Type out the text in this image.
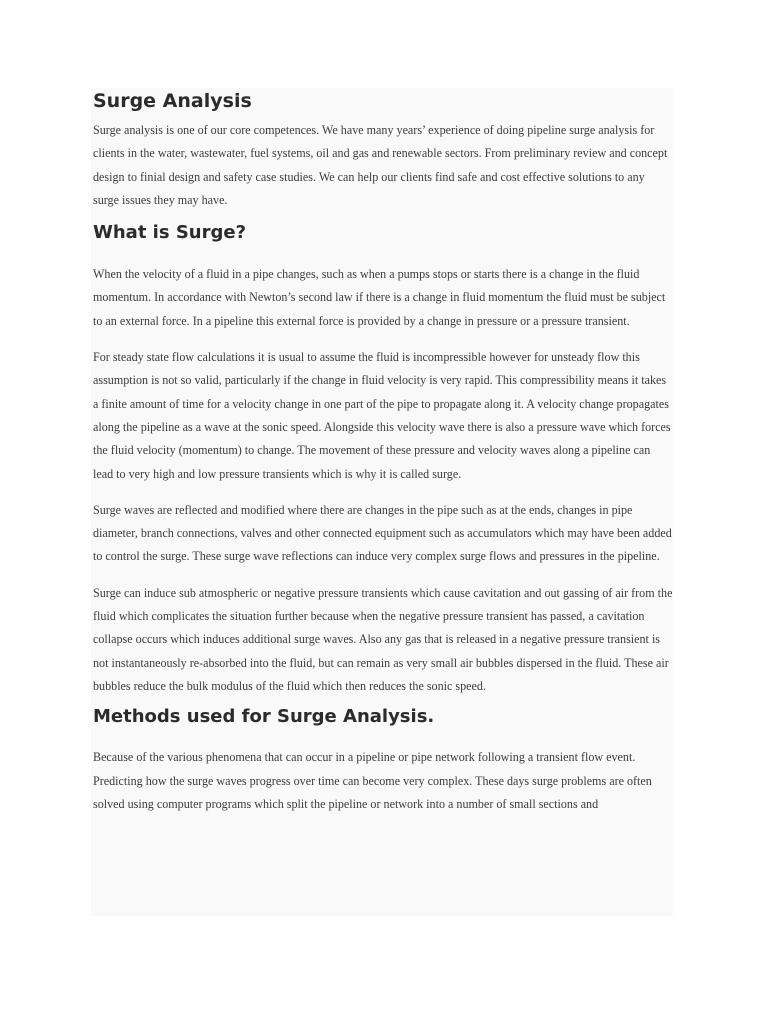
Surge Analysis

Surge analysis is one of our core competences. We have many years’ experience of doing pipeline surge analysis for clients in the water, wastewater, fuel systems, oil and gas and renewable sectors. From preliminary review and concept design to finial design and safety case studies. We can help our clients find safe and cost effective solutions to any surge issues they may have.

What is Surge?

When the velocity of a fluid in a pipe changes, such as when a pumps stops or starts there is a change in the fluid momentum. In accordance with Newton’s second law if there is a change in fluid momentum the fluid must be subject to an external force. In a pipeline this external force is provided by a change in pressure or a pressure transient.

For steady state flow calculations it is usual to assume the fluid is incompressible however for unsteady flow this assumption is not so valid, particularly if the change in fluid velocity is very rapid. This compressibility means it takes a finite amount of time for a velocity change in one part of the pipe to propagate along it. A velocity change propagates along the pipeline as a wave at the sonic speed. Alongside this velocity wave there is also a pressure wave which forces the fluid velocity (momentum) to change. The movement of these pressure and velocity waves along a pipeline can lead to very high and low pressure transients which is why it is called surge.

Surge waves are reflected and modified where there are changes in the pipe such as at the ends, changes in pipe diameter, branch connections, valves and other connected equipment such as accumulators which may have been added to control the surge. These surge wave reflections can induce very complex surge flows and pressures in the pipeline.

Surge can induce sub atmospheric or negative pressure transients which cause cavitation and out gassing of air from the fluid which complicates the situation further because when the negative pressure transient has passed, a cavitation collapse occurs which induces additional surge waves. Also any gas that is released in a negative pressure transient is not instantaneously re-absorbed into the fluid, but can remain as very small air bubbles dispersed in the fluid. These air bubbles reduce the bulk modulus of the fluid which then reduces the sonic speed.

Methods used for Surge Analysis.

Because of the various phenomena that can occur in a pipeline or pipe network following a transient flow event. Predicting how the surge waves progress over time can become very complex. These days surge problems are often solved using computer programs which split the pipeline or network into a number of small sections and
